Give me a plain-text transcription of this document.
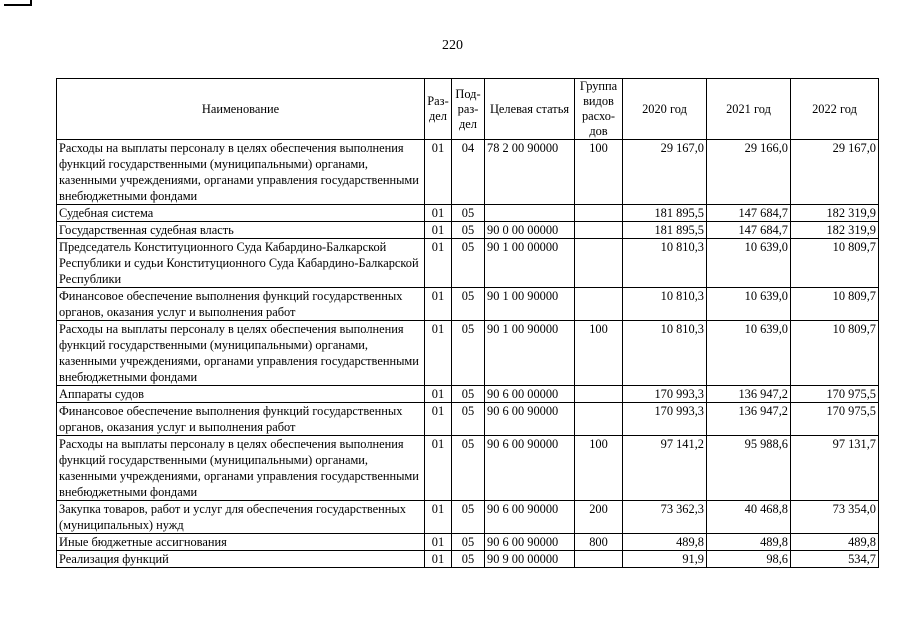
220
Наименование	Раз-дел	Под-раз-дел	Целевая статья	Группа видов расхо-дов	2020 год	2021 год	2022 год
Расходы на выплаты персоналу в целях обеспечения выполнения функций государственными (муниципальными) органами, казенными учреждениями, органами управления государственными внебюджетными фондами	01	04	78 2 00 90000	100	29 167,0	29 166,0	29 167,0
Судебная система	01	05			181 895,5	147 684,7	182 319,9
Государственная судебная власть	01	05	90 0 00 00000		181 895,5	147 684,7	182 319,9
Председатель Конституционного Суда Кабардино-Балкарской Республики и судьи Конституционного Суда Кабардино-Балкарской Республики	01	05	90 1 00 00000		10 810,3	10 639,0	10 809,7
Финансовое обеспечение выполнения функций государственных органов, оказания услуг и выполнения работ	01	05	90 1 00 90000		10 810,3	10 639,0	10 809,7
Расходы на выплаты персоналу в целях обеспечения выполнения функций государственными (муниципальными) органами, казенными учреждениями, органами управления государственными внебюджетными фондами	01	05	90 1 00 90000	100	10 810,3	10 639,0	10 809,7
Аппараты судов	01	05	90 6 00 00000		170 993,3	136 947,2	170 975,5
Финансовое обеспечение выполнения функций государственных органов, оказания услуг и выполнения работ	01	05	90 6 00 90000		170 993,3	136 947,2	170 975,5
Расходы на выплаты персоналу в целях обеспечения выполнения функций государственными (муниципальными) органами, казенными учреждениями, органами управления государственными внебюджетными фондами	01	05	90 6 00 90000	100	97 141,2	95 988,6	97 131,7
Закупка товаров, работ и услуг для обеспечения государственных (муниципальных) нужд	01	05	90 6 00 90000	200	73 362,3	40 468,8	73 354,0
Иные бюджетные ассигнования	01	05	90 6 00 90000	800	489,8	489,8	489,8
Реализация функций	01	05	90 9 00 00000		91,9	98,6	534,7
